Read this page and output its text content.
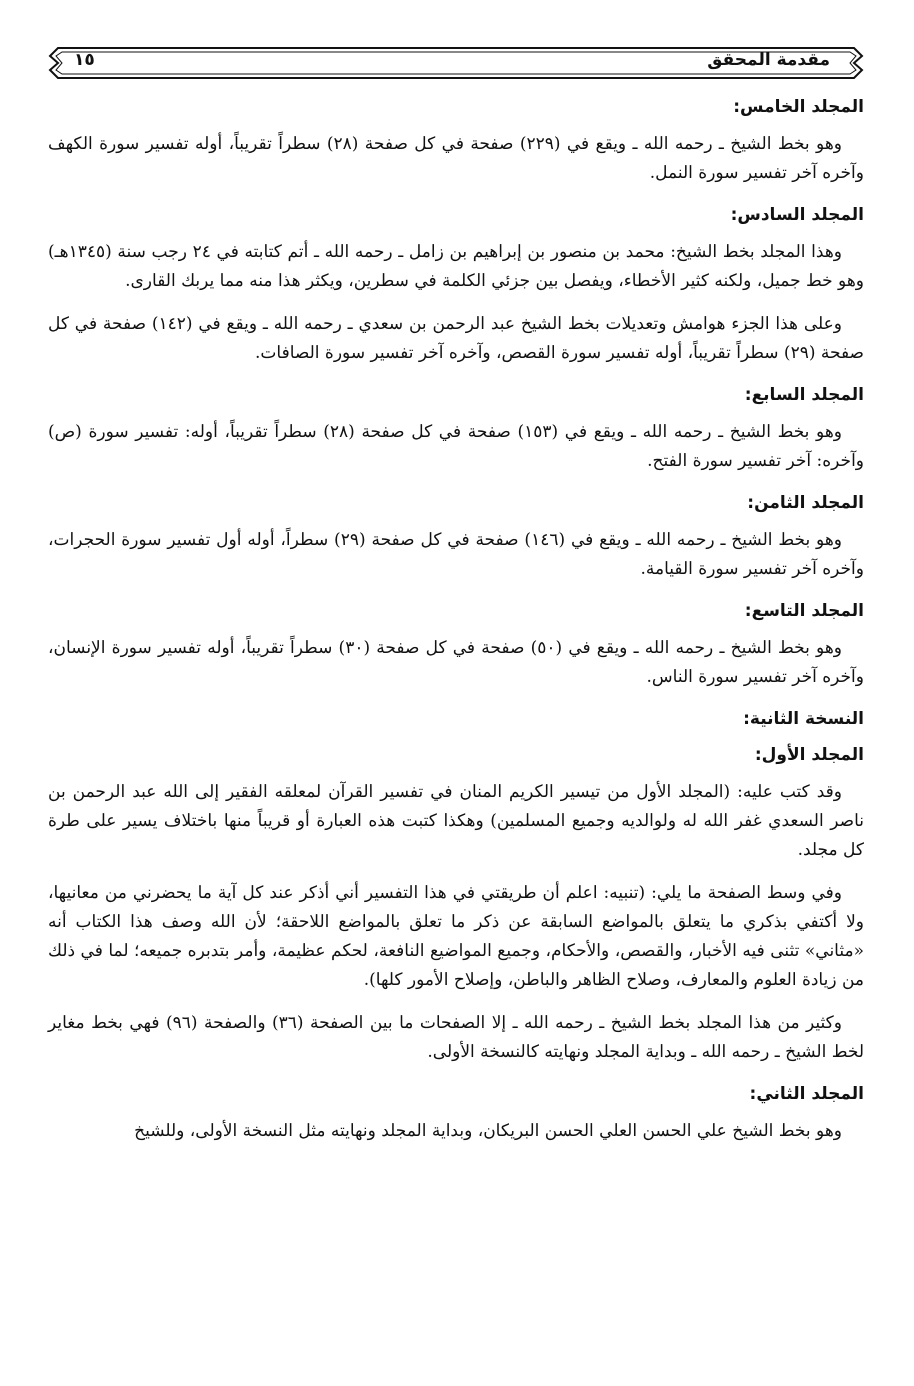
مقدمة المحقق
١٥
المجلد الخامس:

وهو بخط الشيخ ـ رحمه الله ـ ويقع في (٢٢٩) صفحة في كل صفحة (٢٨) سطراً تقريباً، أوله تفسير سورة الكهف وآخره آخر تفسير سورة النمل.

المجلد السادس:

وهذا المجلد بخط الشيخ: محمد بن منصور بن إبراهيم بن زامل ـ رحمه الله ـ أتم كتابته في ٢٤ رجب سنة (١٣٤٥هـ) وهو خط جميل، ولكنه كثير الأخطاء، ويفصل بين جزئي الكلمة في سطرين، ويكثر هذا منه مما يربك القارى.

وعلى هذا الجزء هوامش وتعديلات بخط الشيخ عبد الرحمن بن سعدي ـ رحمه الله ـ ويقع في (١٤٢) صفحة في كل صفحة (٢٩) سطراً تقريباً، أوله تفسير سورة القصص، وآخره آخر تفسير سورة الصافات.

المجلد السابع:

وهو بخط الشيخ ـ رحمه الله ـ ويقع في (١٥٣) صفحة في كل صفحة (٢٨) سطراً تقريباً، أوله: تفسير سورة (ص) وآخره: آخر تفسير سورة الفتح.

المجلد الثامن:

وهو بخط الشيخ ـ رحمه الله ـ ويقع في (١٤٦) صفحة في كل صفحة (٢٩) سطراً، أوله أول تفسير سورة الحجرات، وآخره آخر تفسير سورة القيامة.

المجلد التاسع:

وهو بخط الشيخ ـ رحمه الله ـ ويقع في (٥٠) صفحة في كل صفحة (٣٠) سطراً تقريباً، أوله تفسير سورة الإنسان، وآخره آخر تفسير سورة الناس.

النسخة الثانية:
المجلد الأول:

وقد كتب عليه: (المجلد الأول من تيسير الكريم المنان في تفسير القرآن لمعلقه الفقير إلى الله عبد الرحمن بن ناصر السعدي غفر الله له ولوالديه وجميع المسلمين) وهكذا كتبت هذه العبارة أو قريباً منها باختلاف يسير على طرة كل مجلد.

وفي وسط الصفحة ما يلي: (تنبيه: اعلم أن طريقتي في هذا التفسير أني أذكر عند كل آية ما يحضرني من معانيها، ولا أكتفي بذكري ما يتعلق بالمواضع السابقة عن ذكر ما تعلق بالمواضع اللاحقة؛ لأن الله وصف هذا الكتاب أنه «مثاني» تثنى فيه الأخبار، والقصص، والأحكام، وجميع المواضيع النافعة، لحكم عظيمة، وأمر بتدبره جميعه؛ لما في ذلك من زيادة العلوم والمعارف، وصلاح الظاهر والباطن، وإصلاح الأمور كلها).

وكثير من هذا المجلد بخط الشيخ ـ رحمه الله ـ إلا الصفحات ما بين الصفحة (٣٦) والصفحة (٩٦) فهي بخط مغاير لخط الشيخ ـ رحمه الله ـ وبداية المجلد ونهايته كالنسخة الأولى.

المجلد الثاني:

وهو بخط الشيخ علي الحسن العلي الحسن البريكان، وبداية المجلد ونهايته مثل النسخة الأولى، وللشيخ
